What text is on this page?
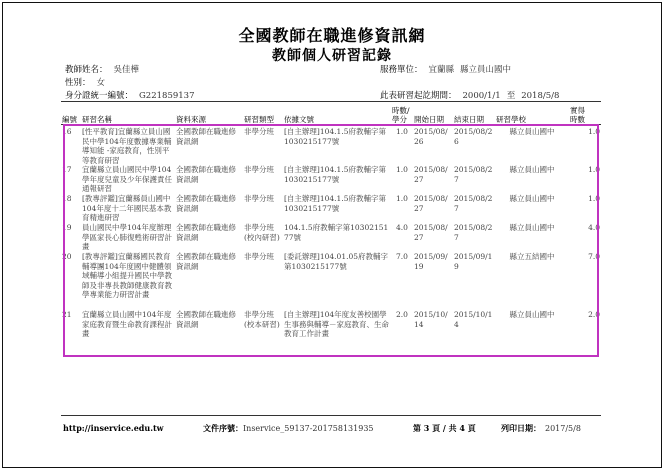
全國教師在職進修資訊網
教師個人研習記錄
教師姓名： 吳佳樺	服務單位： 宜蘭縣 縣立員山國中
性別： 女
身分證統一編號： G221859137	此表研習起訖期間： 2000/1/1 至 2018/5/8
編號	研習名稱	資料來源	研習類型	依據文號	時數/
學分	開始日期	結束日期	研習學校	實得
時數
16	[性平教育]宜蘭縣立員山國民中學104年度數據專業輔導知能 -家庭教育，性別平等教育研習	全國教師在職進修資訊網	非學分班	[自主辦理]104.1.5府教輔字第1030215177號	1.0	2015/08/26	2015/08/26	縣立員山國中	1.0
17	宜蘭縣立員山國民中學104學年度兒童及少年保護責任通報研習	全國教師在職進修資訊網	非學分班	[自主辦理]104.1.5府教輔字第1030215177號	1.0	2015/08/27	2015/08/27	縣立員山國中	1.0
18	[教專評鑑]宜蘭縣員山國中104年度十二年國民基本教育精進研習	全國教師在職進修資訊網	非學分班	[自主辦理]104.1.5府教輔字第1030215177號	1.0	2015/08/27	2015/08/27	縣立員山國中	1.0
19	員山國民中學104年度辦理學區家長心肺復甦術研習計畫	全國教師在職進修資訊網	非學分班(校內研習)	104.1.5府教輔字第1030215177號	4.0	2015/08/27	2015/08/27	縣立員山國中	4.0
20	[教專評鑑]宜蘭縣國民教育輔導團104年度國中健體領域輔導小組提升國民中學教師及非專長教師健康教育教學專業能力研習計畫	全國教師在職進修資訊網	非學分班	[委託辦理]104.01.05府教輔字第1030215177號	7.0	2015/09/19	2015/09/19	縣立五結國中	7.0
21	宜蘭縣立員山國中104年度家庭教育暨生命教育課程計畫	全國教師在職進修資訊網	非學分班(校本研習)	[自主辦理]104年度友善校園學生事務與輔導－家庭教育、生命教育工作計畫	2.0	2015/10/14	2015/10/14	縣立員山國中	2.0
http://inservice.edu.tw	文件序號：Inservice_59137-201758131935	第 3 頁 / 共 4 頁	列印日期： 2017/5/8
